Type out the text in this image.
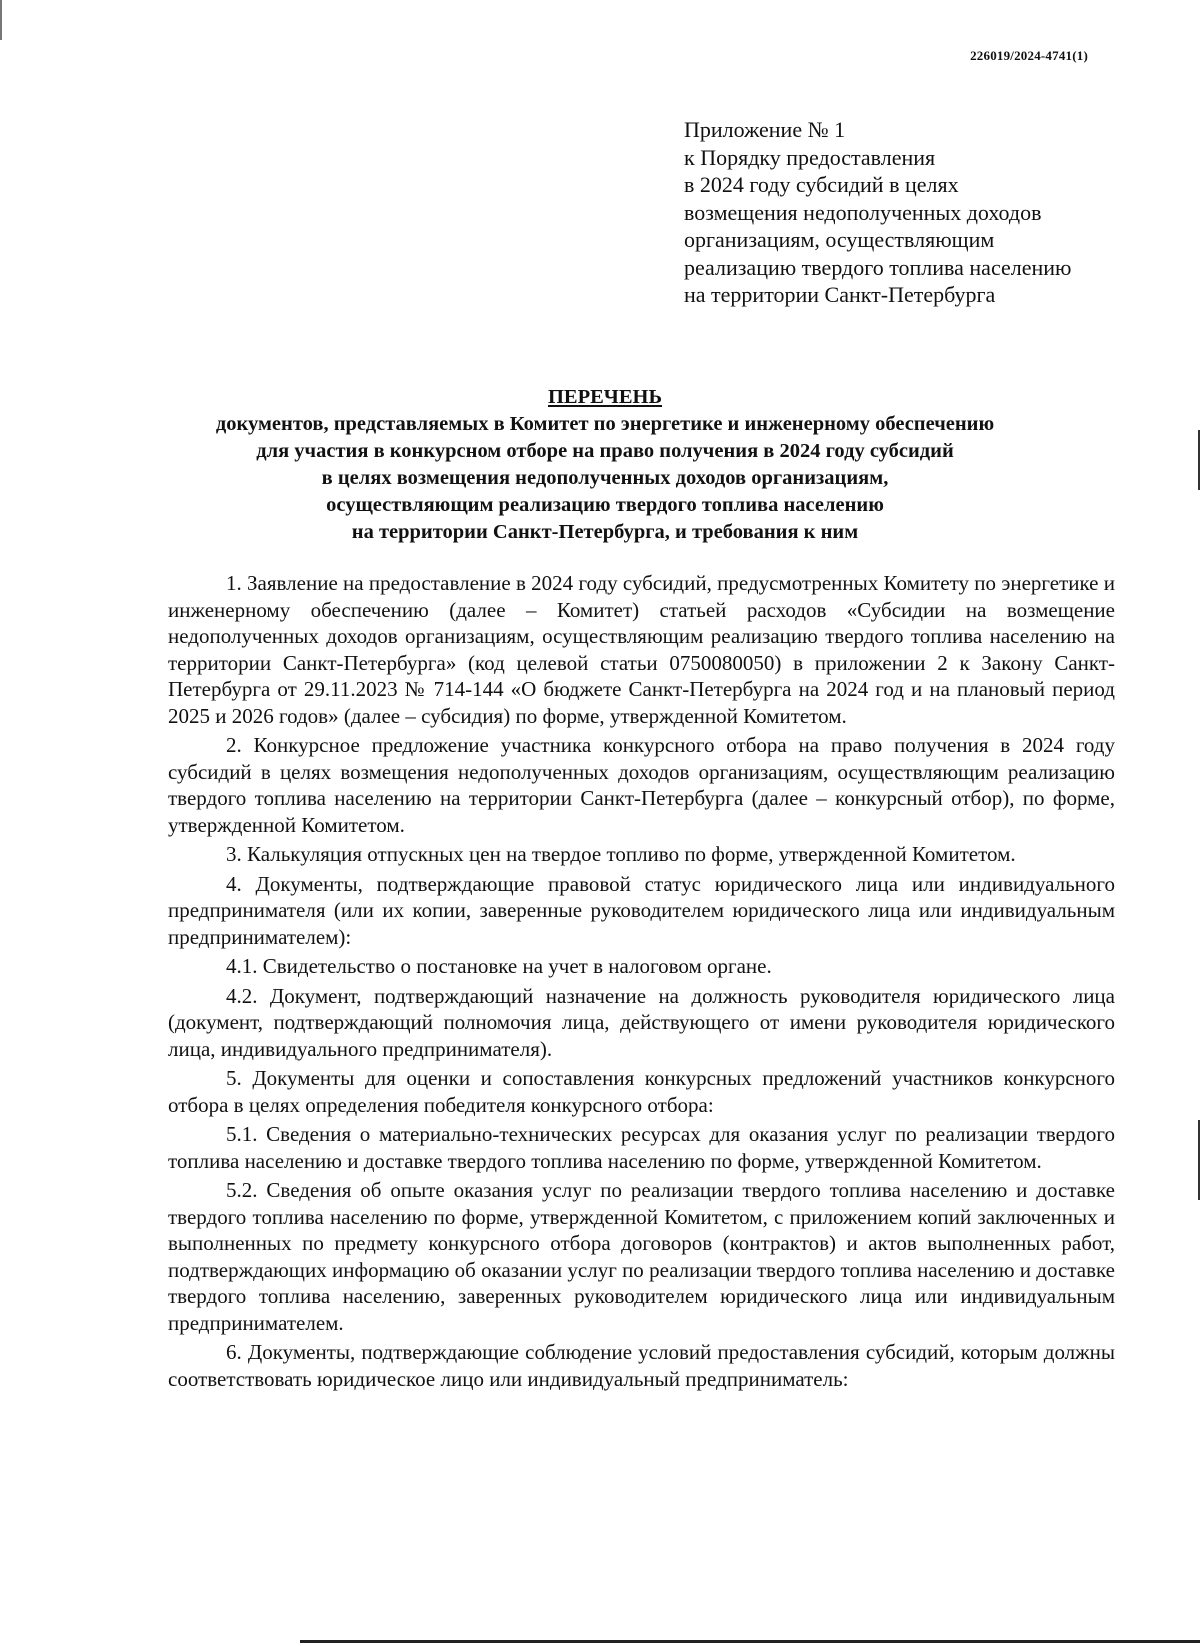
226019/2024-4741(1)
Приложение № 1
к Порядку предоставления
в 2024 году субсидий в целях
возмещения недополученных доходов
организациям, осуществляющим
реализацию твердого топлива населению
на территории Санкт-Петербурга
ПЕРЕЧЕНЬ
документов, представляемых в Комитет по энергетике и инженерному обеспечению
для участия в конкурсном отборе на право получения в 2024 году субсидий
в целях возмещения недополученных доходов организациям,
осуществляющим реализацию твердого топлива населению
на территории Санкт-Петербурга, и требования к ним

1. Заявление на предоставление в 2024 году субсидий, предусмотренных Комитету по энергетике и инженерному обеспечению (далее – Комитет) статьей расходов «Субсидии на возмещение недополученных доходов организациям, осуществляющим реализацию твердого топлива населению на территории Санкт-Петербурга» (код целевой статьи 0750080050) в приложении 2 к Закону Санкт-Петербурга от 29.11.2023 № 714-144 «О бюджете Санкт-Петербурга на 2024 год и на плановый период 2025 и 2026 годов» (далее – субсидия) по форме, утвержденной Комитетом.

2. Конкурсное предложение участника конкурсного отбора на право получения в 2024 году субсидий в целях возмещения недополученных доходов организациям, осуществляющим реализацию твердого топлива населению на территории Санкт-Петербурга (далее – конкурсный отбор), по форме, утвержденной Комитетом.

3. Калькуляция отпускных цен на твердое топливо по форме, утвержденной Комитетом.

4. Документы, подтверждающие правовой статус юридического лица или индивидуального предпринимателя (или их копии, заверенные руководителем юридического лица или индивидуальным предпринимателем):

4.1. Свидетельство о постановке на учет в налоговом органе.

4.2. Документ, подтверждающий назначение на должность руководителя юридического лица (документ, подтверждающий полномочия лица, действующего от имени руководителя юридического лица, индивидуального предпринимателя).

5. Документы для оценки и сопоставления конкурсных предложений участников конкурсного отбора в целях определения победителя конкурсного отбора:

5.1. Сведения о материально-технических ресурсах для оказания услуг по реализации твердого топлива населению и доставке твердого топлива населению по форме, утвержденной Комитетом.

5.2. Сведения об опыте оказания услуг по реализации твердого топлива населению и доставке твердого топлива населению по форме, утвержденной Комитетом, с приложением копий заключенных и выполненных по предмету конкурсного отбора договоров (контрактов) и актов выполненных работ, подтверждающих информацию об оказании услуг по реализации твердого топлива населению и доставке твердого топлива населению, заверенных руководителем юридического лица или индивидуальным предпринимателем.

6. Документы, подтверждающие соблюдение условий предоставления субсидий, которым должны соответствовать юридическое лицо или индивидуальный предприниматель:
